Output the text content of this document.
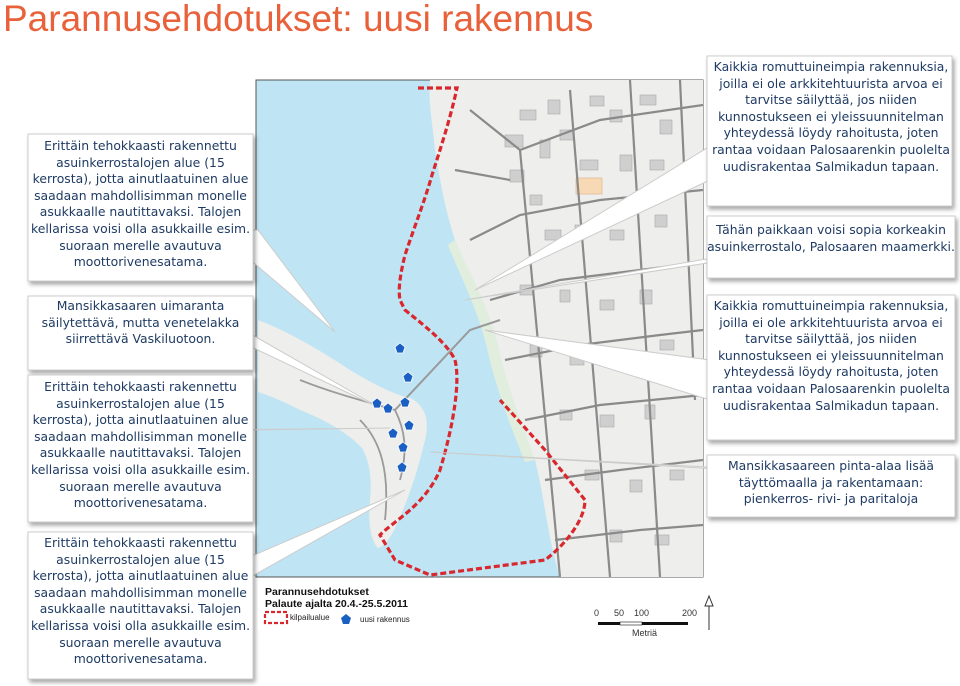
Parannusehdotukset: uusi rakennus
Erittäin tehokkaasti rakennettu asuinkerrostalojen alue (15 kerrosta), jotta ainutlaatuinen alue saadaan mahdollisimman monelle asukkaalle nautittavaksi. Talojen kellarissa voisi olla asukkaille esim. suoraan merelle avautuva moottorivenesatama.
Mansikkasaaren uimaranta säilytettävä, mutta venetelakka siirrettävä Vaskiluotoon.
Erittäin tehokkaasti rakennettu asuinkerrostalojen alue (15 kerrosta), jotta ainutlaatuinen alue saadaan mahdollisimman monelle asukkaalle nautittavaksi. Talojen kellarissa voisi olla asukkaille esim. suoraan merelle avautuva moottorivenesatama.
Erittäin tehokkaasti rakennettu asuinkerrostalojen alue (15 kerrosta), jotta ainutlaatuinen alue saadaan mahdollisimman monelle asukkaalle nautittavaksi. Talojen kellarissa voisi olla asukkaille esim. suoraan merelle avautuva moottorivenesatama.
Kaikkia romuttuineimpia rakennuksia, joilla ei ole arkkitehtuurista arvoa ei tarvitse säilyttää, jos niiden kunnostukseen ei yleissuunnitelman yhteydessä löydy rahoitusta, joten rantaa voidaan Palosaarenkin puolelta uudisrakentaa Salmikadun tapaan.
Tähän paikkaan voisi sopia korkeakin asuinkerrostalo, Palosaaren maamerkki.
Kaikkia romuttuineimpia rakennuksia, joilla ei ole arkkitehtuurista arvoa ei tarvitse säilyttää, jos niiden kunnostukseen ei yleissuunnitelman yhteydessä löydy rahoitusta, joten rantaa voidaan Palosaarenkin puolelta uudisrakentaa Salmikadun tapaan.
Mansikkasaareen pinta-alaa lisää täyttömaalla ja rakentamaan: pienkerros- rivi- ja paritaloja
Parannusehdotukset
Palaute ajalta 20.4.-25.5.2011
kilpailualue	uusi rakennus
0 50 100	200
Metriä
